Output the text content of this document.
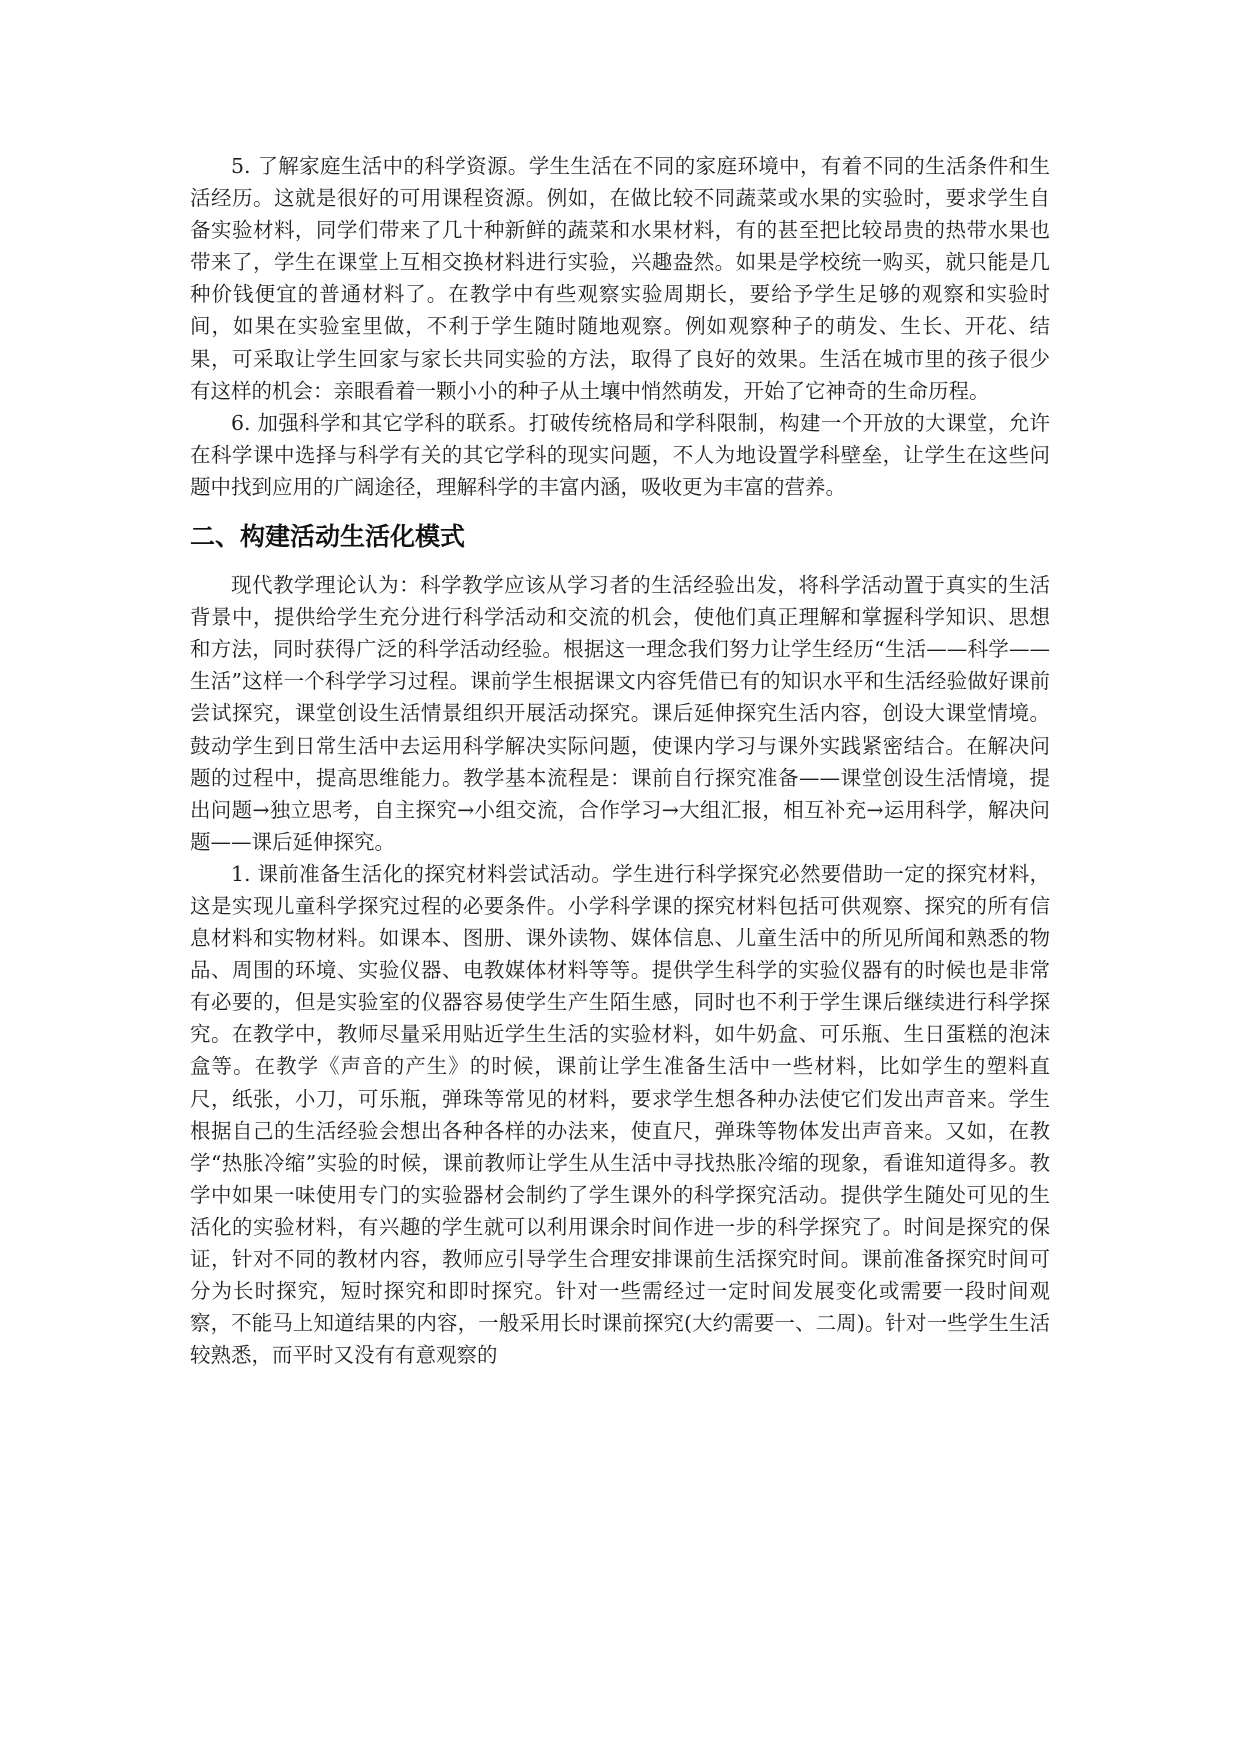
5. 了解家庭生活中的科学资源。学生生活在不同的家庭环境中，有着不同的生活条件和生活经历。这就是很好的可用课程资源。例如，在做比较不同蔬菜或水果的实验时，要求学生自备实验材料，同学们带来了几十种新鲜的蔬菜和水果材料，有的甚至把比较昂贵的热带水果也带来了，学生在课堂上互相交换材料进行实验，兴趣盎然。如果是学校统一购买，就只能是几种价钱便宜的普通材料了。在教学中有些观察实验周期长，要给予学生足够的观察和实验时间，如果在实验室里做，不利于学生随时随地观察。例如观察种子的萌发、生长、开花、结果，可采取让学生回家与家长共同实验的方法，取得了良好的效果。生活在城市里的孩子很少有这样的机会：亲眼看着一颗小小的种子从土壤中悄然萌发，开始了它神奇的生命历程。

6. 加强科学和其它学科的联系。打破传统格局和学科限制，构建一个开放的大课堂，允许在科学课中选择与科学有关的其它学科的现实问题，不人为地设置学科壁垒，让学生在这些问题中找到应用的广阔途径，理解科学的丰富内涵，吸收更为丰富的营养。

二、构建活动生活化模式

现代教学理论认为：科学教学应该从学习者的生活经验出发，将科学活动置于真实的生活背景中，提供给学生充分进行科学活动和交流的机会，使他们真正理解和掌握科学知识、思想和方法，同时获得广泛的科学活动经验。根据这一理念我们努力让学生经历“生活——科学——生活”这样一个科学学习过程。课前学生根据课文内容凭借已有的知识水平和生活经验做好课前尝试探究，课堂创设生活情景组织开展活动探究。课后延伸探究生活内容，创设大课堂情境。鼓动学生到日常生活中去运用科学解决实际问题，使课内学习与课外实践紧密结合。在解决问题的过程中，提高思维能力。教学基本流程是：课前自行探究准备——课堂创设生活情境，提出问题→独立思考，自主探究→小组交流，合作学习→大组汇报，相互补充→运用科学，解决问题——课后延伸探究。

1. 课前准备生活化的探究材料尝试活动。学生进行科学探究必然要借助一定的探究材料，这是实现儿童科学探究过程的必要条件。小学科学课的探究材料包括可供观察、探究的所有信息材料和实物材料。如课本、图册、课外读物、媒体信息、儿童生活中的所见所闻和熟悉的物品、周围的环境、实验仪器、电教媒体材料等等。提供学生科学的实验仪器有的时候也是非常有必要的，但是实验室的仪器容易使学生产生陌生感，同时也不利于学生课后继续进行科学探究。在教学中，教师尽量采用贴近学生生活的实验材料，如牛奶盒、可乐瓶、生日蛋糕的泡沫盒等。在教学《声音的产生》的时候，课前让学生准备生活中一些材料，比如学生的塑料直尺，纸张，小刀，可乐瓶，弹珠等常见的材料，要求学生想各种办法使它们发出声音来。学生根据自己的生活经验会想出各种各样的办法来，使直尺，弹珠等物体发出声音来。又如，在教学“热胀冷缩”实验的时候，课前教师让学生从生活中寻找热胀冷缩的现象，看谁知道得多。教学中如果一味使用专门的实验器材会制约了学生课外的科学探究活动。提供学生随处可见的生活化的实验材料，有兴趣的学生就可以利用课余时间作进一步的科学探究了。时间是探究的保证，针对不同的教材内容，教师应引导学生合理安排课前生活探究时间。课前准备探究时间可分为长时探究，短时探究和即时探究。针对一些需经过一定时间发展变化或需要一段时间观察，不能马上知道结果的内容，一般采用长时课前探究(大约需要一、二周)。针对一些学生生活较熟悉，而平时又没有有意观察的
